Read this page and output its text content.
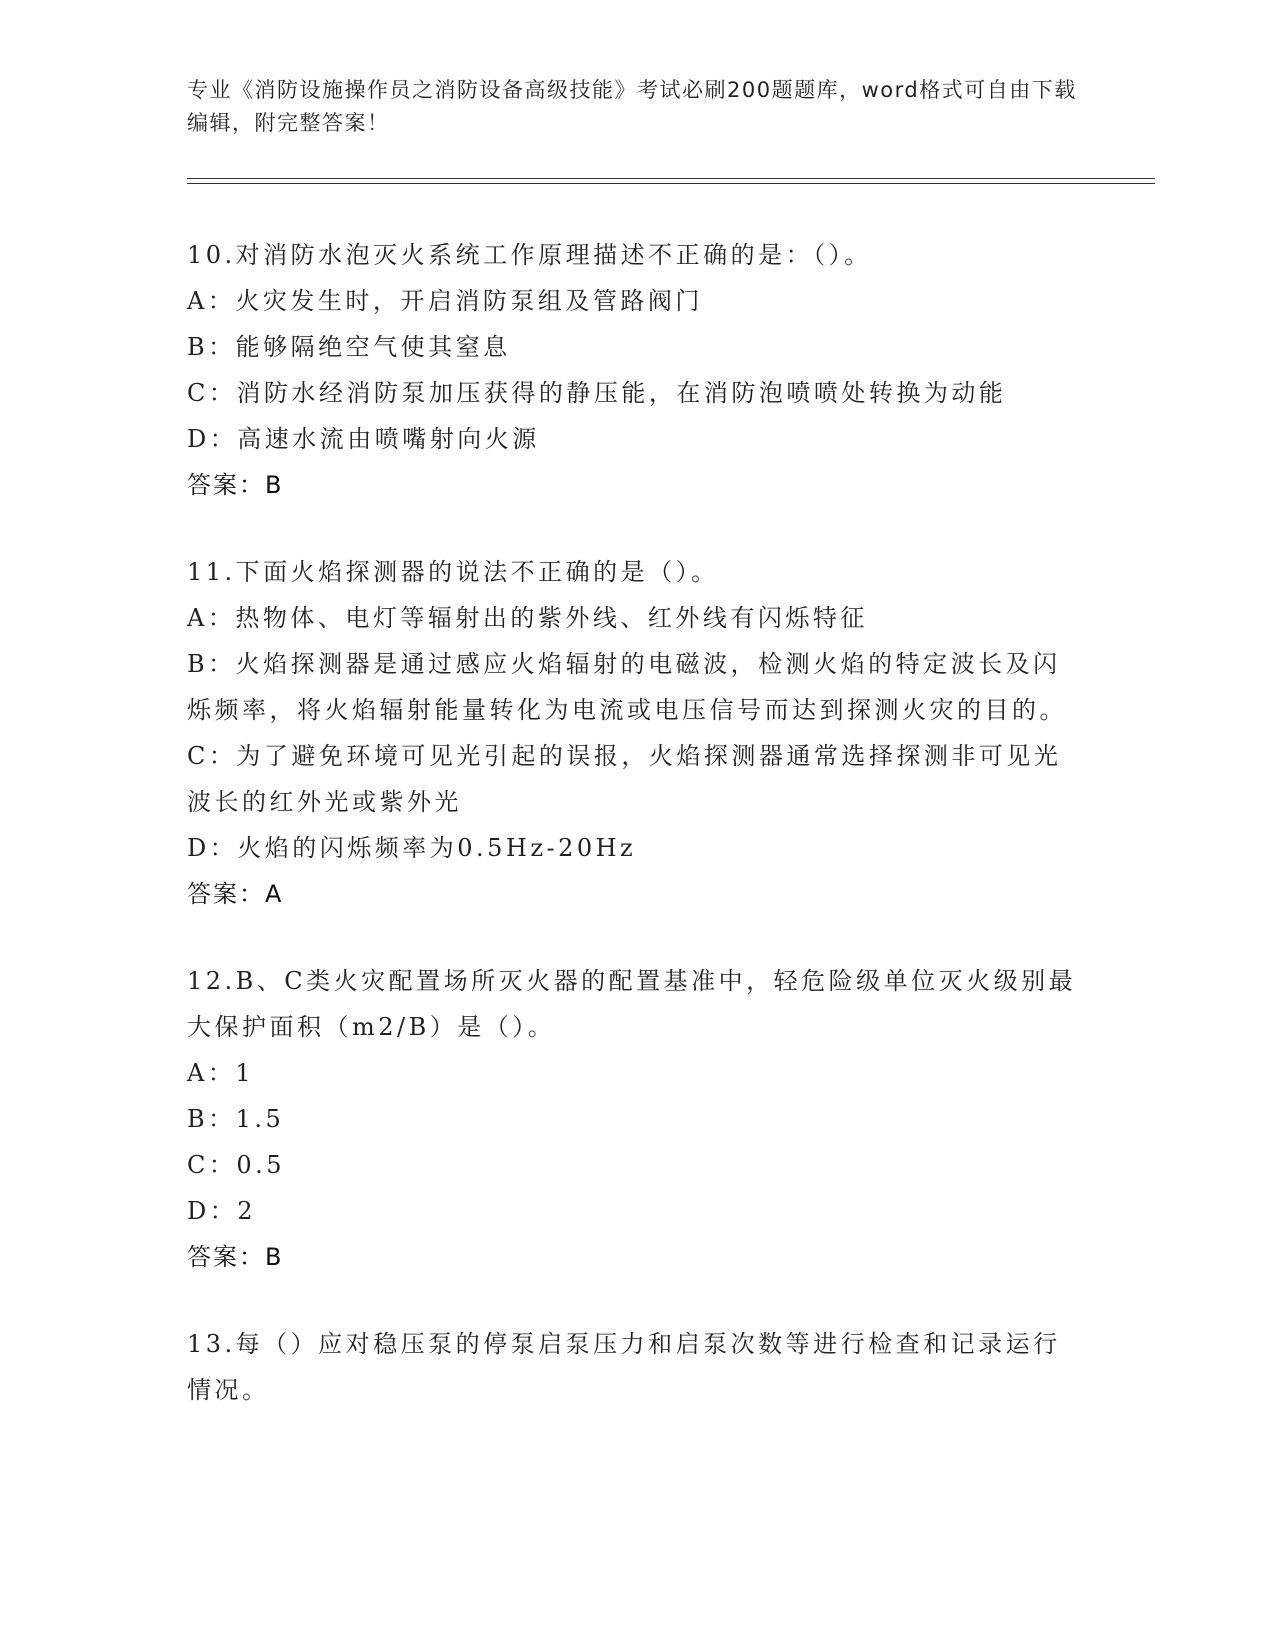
专业《消防设施操作员之消防设备高级技能》考试必刷200题题库，word格式可自由下载编辑，附完整答案！
10.对消防水泡灭火系统工作原理描述不正确的是：（）。
A：火灾发生时，开启消防泵组及管路阀门
B：能够隔绝空气使其窒息
C：消防水经消防泵加压获得的静压能，在消防泡喷喷处转换为动能
D：高速水流由喷嘴射向火源
答案：B
11.下面火焰探测器的说法不正确的是（）。
A：热物体、电灯等辐射出的紫外线、红外线有闪烁特征
B：火焰探测器是通过感应火焰辐射的电磁波，检测火焰的特定波长及闪烁频率，将火焰辐射能量转化为电流或电压信号而达到探测火灾的目的。
C：为了避免环境可见光引起的误报，火焰探测器通常选择探测非可见光波长的红外光或紫外光
D：火焰的闪烁频率为0.5Hz-20Hz
答案：A
12.B、C类火灾配置场所灭火器的配置基准中，轻危险级单位灭火级别最大保护面积（m2/B）是（）。
A：1
B：1.5
C：0.5
D：2
答案：B
13.每（）应对稳压泵的停泵启泵压力和启泵次数等进行检查和记录运行情况。
